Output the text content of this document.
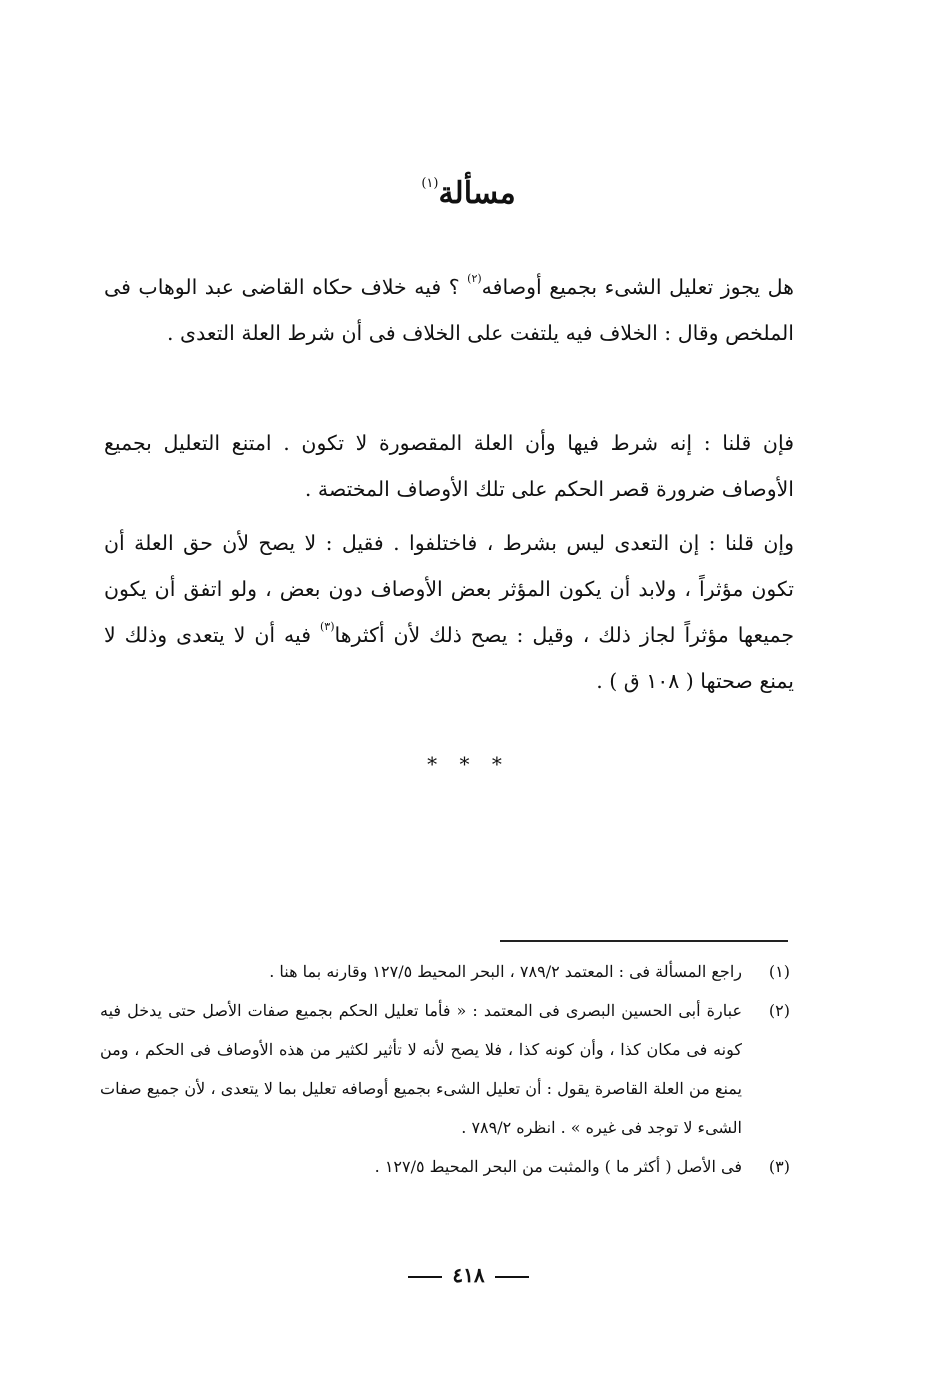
مسألة$^{(١)}$

هل يجوز تعليل الشىء بجميع أوصافه$^{(٢)}$ ؟ فيه خلاف حكاه القاضى عبد الوهاب فى الملخص وقال : الخلاف فيه يلتفت على الخلاف فى أن شرط العلة التعدى .

فإن قلنا : إنه شرط فيها وأن العلة المقصورة لا تكون . امتنع التعليل بجميع الأوصاف ضرورة قصر الحكم على تلك الأوصاف المختصة .

وإن قلنا : إن التعدى ليس بشرط ، فاختلفوا . فقيل : لا يصح لأن حق العلة أن تكون مؤثراً ، ولابد أن يكون المؤثر بعض الأوصاف دون بعض ، ولو اتفق أن يكون جميعها مؤثراً لجاز ذلك ، وقيل : يصح ذلك لأن أكثرها$^{(٣)}$ فيه أن لا يتعدى وذلك لا يمنع صحتها ( ١٠٨ ق ) .

* * *
(١)
راجع المسألة فى : المعتمد ٧٨٩/٢ ، البحر المحيط ١٢٧/٥ وقارنه بما هنا .
(٢)
عبارة أبى الحسين البصرى فى المعتمد : « فأما تعليل الحكم بجميع صفات الأصل حتى يدخل فيه كونه فى مكان كذا ، وأن كونه كذا ، فلا يصح لأنه لا تأثير لكثير من هذه الأوصاف فى الحكم ، ومن يمنع من العلة القاصرة يقول : أن تعليل الشىء بجميع أوصافه تعليل بما لا يتعدى ، لأن جميع صفات الشىء لا توجد فى غيره » . انظره ٧٨٩/٢ .
(٣)
فى الأصل ( أكثر ما ) والمثبت من البحر المحيط ١٢٧/٥ .
٤١٨
